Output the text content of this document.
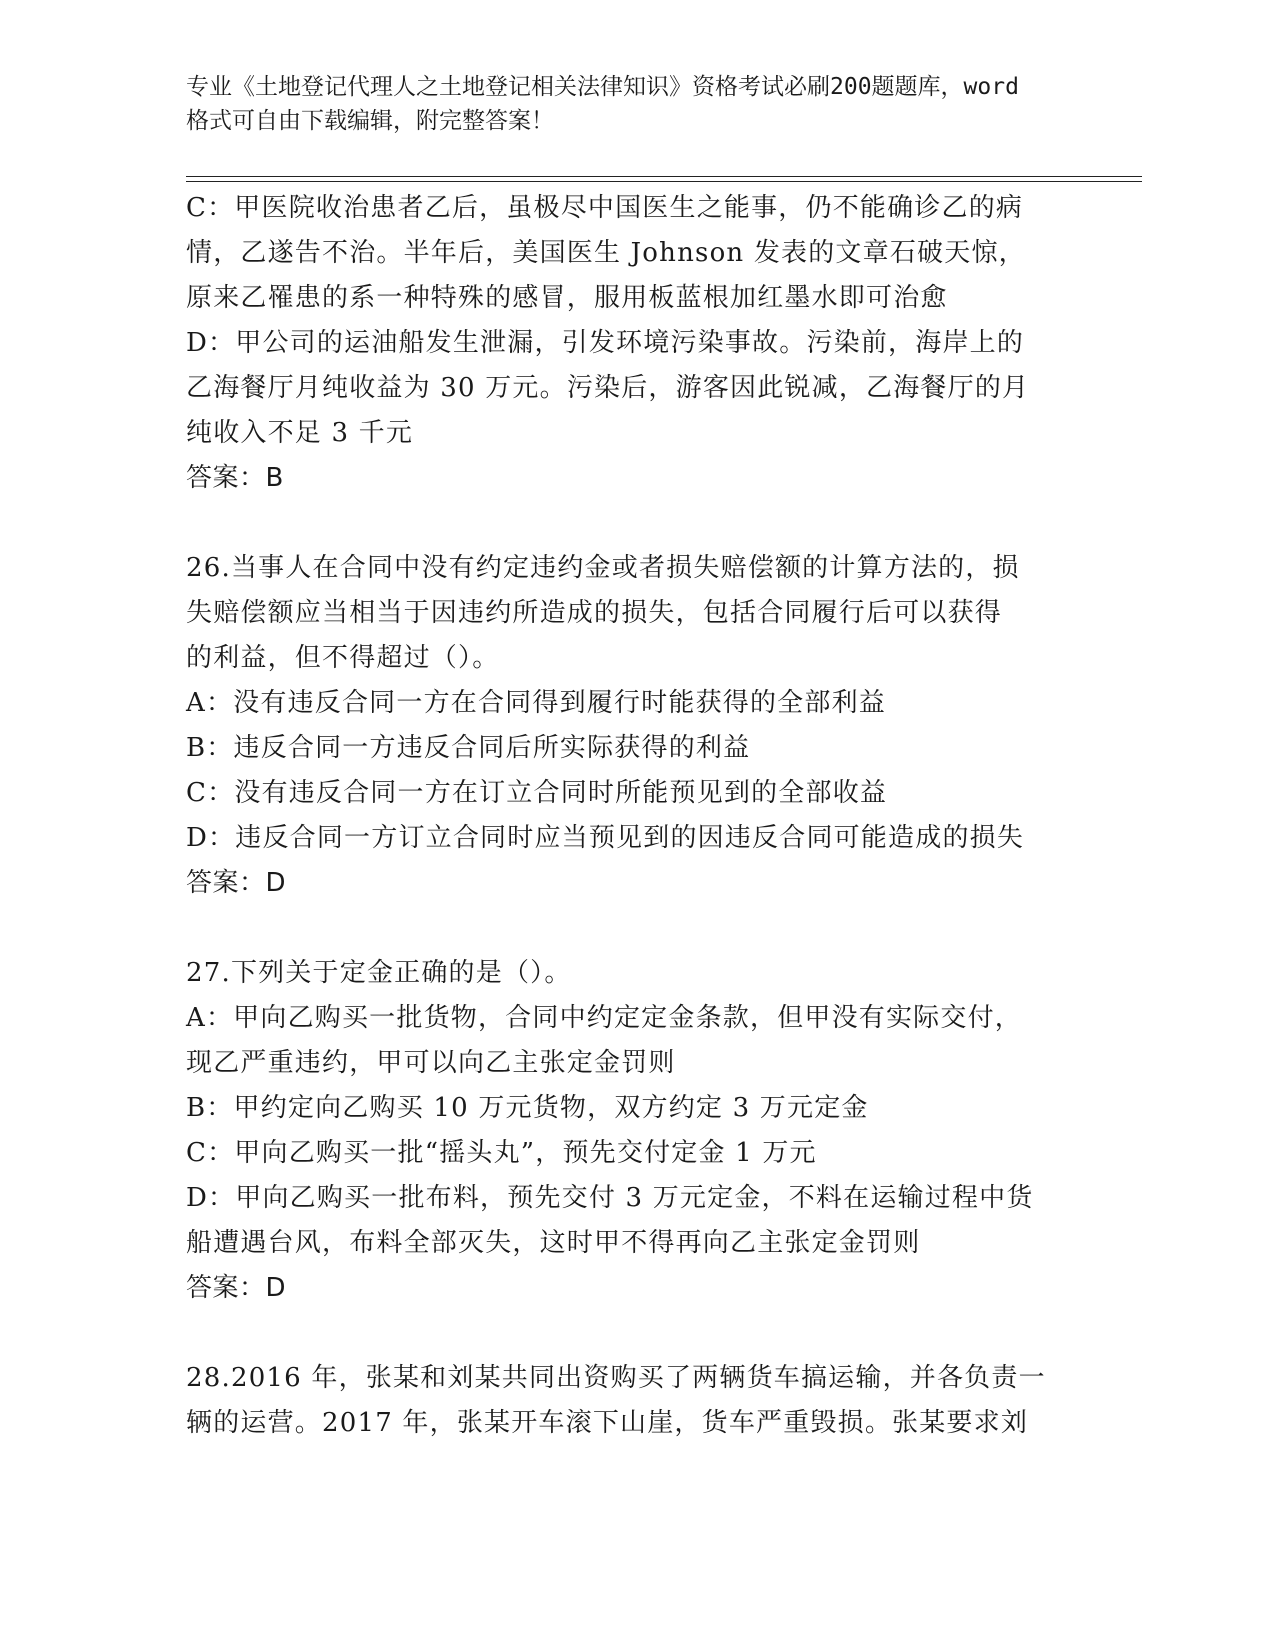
专业《土地登记代理人之土地登记相关法律知识》资格考试必刷200题题库，word
格式可自由下载编辑，附完整答案！
C：甲医院收治患者乙后，虽极尽中国医生之能事，仍不能确诊乙的病
情，乙遂告不治。半年后，美国医生 Johnson 发表的文章石破天惊，
原来乙罹患的系一种特殊的感冒，服用板蓝根加红墨水即可治愈
D：甲公司的运油船发生泄漏，引发环境污染事故。污染前，海岸上的
乙海餐厅月纯收益为 30 万元。污染后，游客因此锐减，乙海餐厅的月
纯收入不足 3 千元
答案：B
26.当事人在合同中没有约定违约金或者损失赔偿额的计算方法的，损
失赔偿额应当相当于因违约所造成的损失，包括合同履行后可以获得
的利益，但不得超过（）。
A：没有违反合同一方在合同得到履行时能获得的全部利益
B：违反合同一方违反合同后所实际获得的利益
C：没有违反合同一方在订立合同时所能预见到的全部收益
D：违反合同一方订立合同时应当预见到的因违反合同可能造成的损失
答案：D
27.下列关于定金正确的是（）。
A：甲向乙购买一批货物，合同中约定定金条款，但甲没有实际交付，
现乙严重违约，甲可以向乙主张定金罚则
B：甲约定向乙购买 10 万元货物，双方约定 3 万元定金
C：甲向乙购买一批“摇头丸”，预先交付定金 1 万元
D：甲向乙购买一批布料，预先交付 3 万元定金，不料在运输过程中货
船遭遇台风，布料全部灭失，这时甲不得再向乙主张定金罚则
答案：D
28.2016 年，张某和刘某共同出资购买了两辆货车搞运输，并各负责一
辆的运营。2017 年，张某开车滚下山崖，货车严重毁损。张某要求刘
